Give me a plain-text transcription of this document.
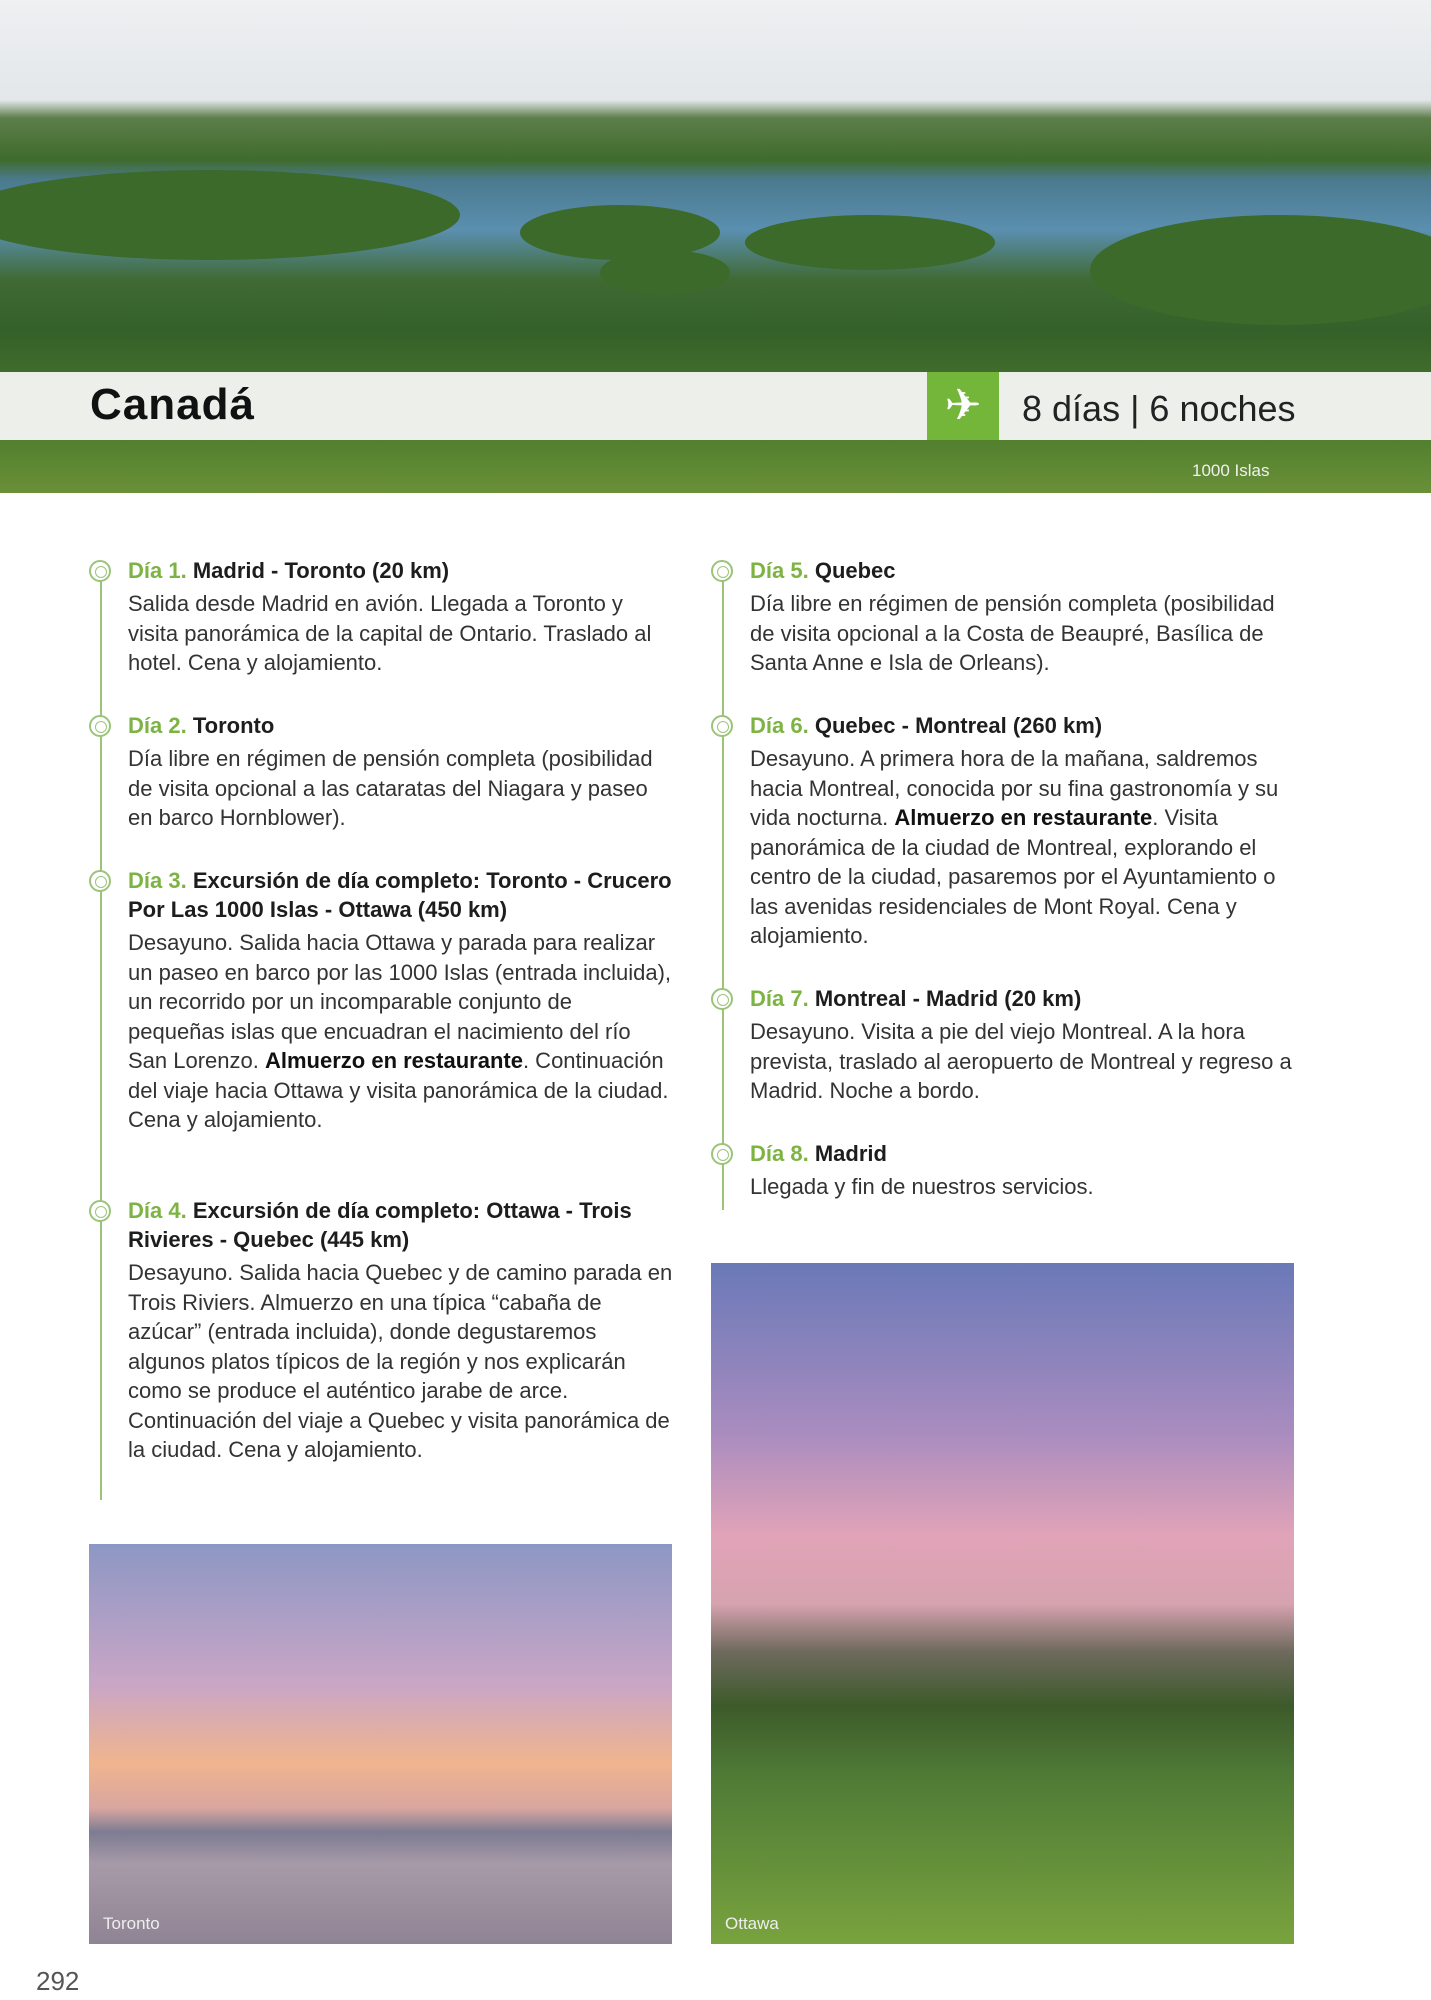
Canadá	✈	8 días | 6 noches
1000 Islas
Día 1. Madrid - Toronto (20 km)

Salida desde Madrid en avión. Llegada a Toronto y visita panorámica de la capital de Ontario. Traslado al hotel. Cena y alojamiento.

Día 2. Toronto

Día libre en régimen de pensión completa (posibilidad de visita opcional a las cataratas del Niagara y paseo en barco Hornblower).

Día 3. Excursión de día completo: Toronto - Crucero Por Las 1000 Islas - Ottawa (450 km)

Desayuno. Salida hacia Ottawa y parada para realizar un paseo en barco por las 1000 Islas (entrada incluida), un recorrido por un incomparable conjunto de pequeñas islas que encuadran el nacimiento del río San Lorenzo. Almuerzo en restaurante. Continuación del viaje hacia Ottawa y visita panorámica de la ciudad. Cena y alojamiento.

Día 4. Excursión de día completo: Ottawa - Trois Rivieres - Quebec (445 km)

Desayuno. Salida hacia Quebec y de camino parada en Trois Riviers. Almuerzo en una típica “cabaña de azúcar” (entrada incluida), donde degustaremos algunos platos típicos de la región y nos explicarán como se produce el auténtico jarabe de arce. Continuación del viaje a Quebec y visita panorámica de la ciudad. Cena y alojamiento.

Día 5. Quebec

Día libre en régimen de pensión completa (posibilidad de visita opcional a la Costa de Beaupré, Basílica de Santa Anne e Isla de Orleans).

Día 6. Quebec - Montreal (260 km)

Desayuno. A primera hora de la mañana, saldremos hacia Montreal, conocida por su fina gastronomía y su vida nocturna. Almuerzo en restaurante. Visita panorámica de la ciudad de Montreal, explorando el centro de la ciudad, pasaremos por el Ayuntamiento o las avenidas residenciales de Mont Royal. Cena y alojamiento.

Día 7. Montreal - Madrid (20 km)

Desayuno. Visita a pie del viejo Montreal. A la hora prevista, traslado al aeropuerto de Montreal y regreso a Madrid. Noche a bordo.

Día 8. Madrid

Llegada y fin de nuestros servicios.

Toronto	Ottawa
292
